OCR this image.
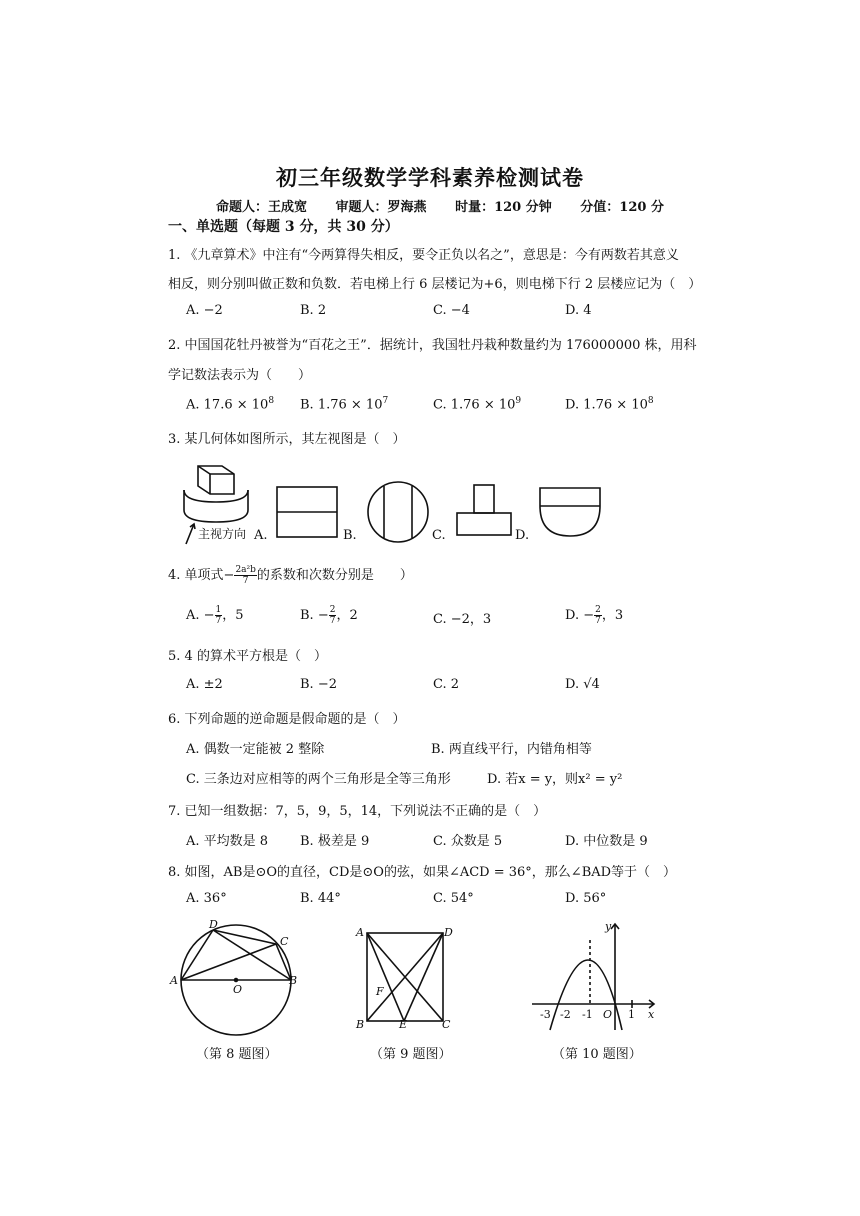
初三年级数学学科素养检测试卷
命题人：王成宽 审题人：罗海燕 时量：120 分钟 分值：120 分
一、单选题（每题 3 分，共 30 分）
1. 《九章算术》中注有“今两算得失相反，要令正负以名之”，意思是：今有两数若其意义
相反，则分别叫做正数和负数．若电梯上行 6 层楼记为+6，则电梯下行 2 层楼应记为（　）
A. −2	B. 2	C. −4	D. 4
2. 中国国花牡丹被誉为“百花之王”．据统计，我国牡丹栽种数量约为 176000000 株，用科
学记数法表示为（　　）
A. $17.6 \times 10^8$ B. $1.76 \times 10^7$	C. $1.76 \times 10^9$	D. $1.76 \times 10^8$
3. 某几何体如图所示，其左视图是（　）
主视方向 A.	B.	C.	D.
4. 单项式− $\frac{\text{2a²b}}{7}$ 的系数和次数分别是　　）
A. − $\frac{1}{7}$ ，5	B. − $\frac{2}{7}$ ，2	C. −2，3	D. − $\frac{2}{7}$ ，3
5. 4 的算术平方根是（　）
A. ±2	B. −2	C. 2	D. √4
6. 下列命题的逆命题是假命题的是（　）
A. 偶数一定能被 2 整除	B. 两直线平行，内错角相等
C. 三条边对应相等的两个三角形是全等三角形	D. 若x = y，则x² = y²
7. 已知一组数据：7，5，9，5，14，下列说法不正确的是（　）
A. 平均数是 8 B. 极差是 9	C. 众数是 5	D. 中位数是 9
8. 如图，AB是⊙O的直径，CD是⊙O的弦，如果∠ACD = 36°，那么∠BAD等于（　）
A. 36°	B. 44°	C. 54°	D. 56°
D
C
A
O
B
（第 8 题图）
A	D
F
B	E	C
（第 9 题图）
y
x
-3 -2 -1 O 1
（第 10 题图）
